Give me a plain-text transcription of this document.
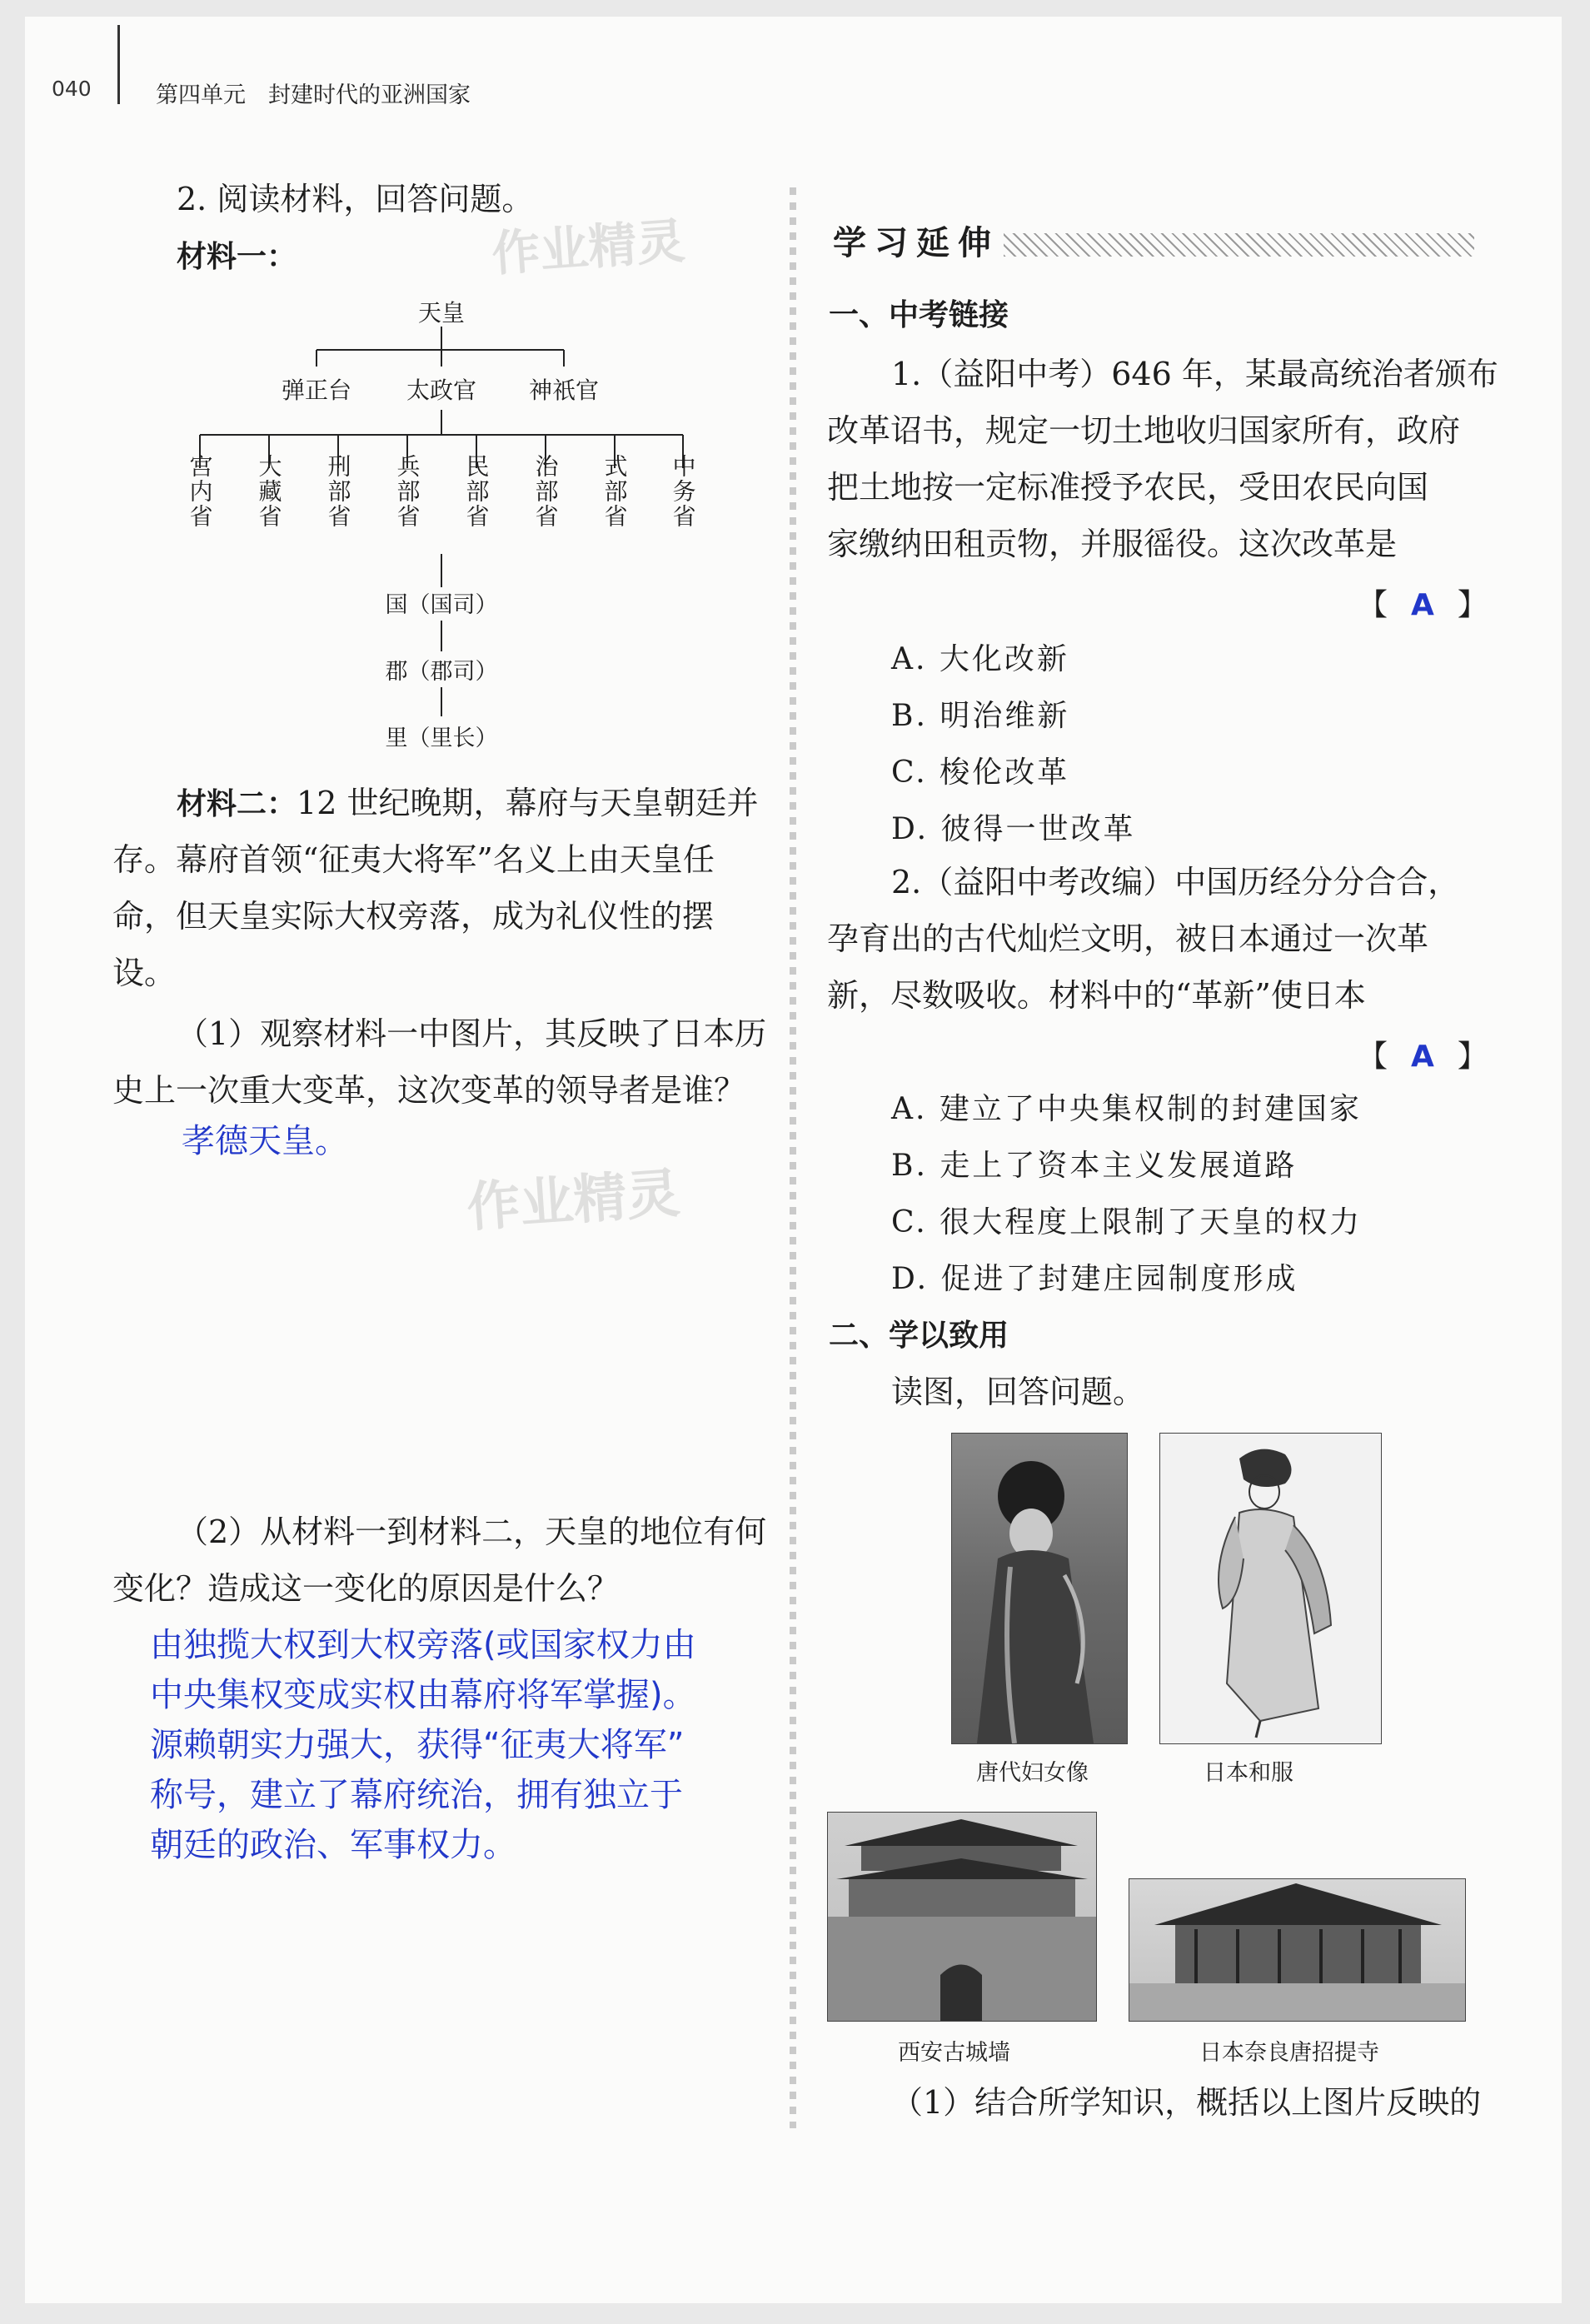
040	第四单元　封建时代的亚洲国家
作业精灵
作业精灵
2. 阅读材料，回答问题。
材料一：
天皇
弹正台 太政官 神祇官
宫内省 大藏省 刑部省 兵部省 民部省 治部省 式部省 中务省
国（国司）
郡（郡司）
里（里长）
材料二：12 世纪晚期，幕府与天皇朝廷并
存。幕府首领“征夷大将军”名义上由天皇任
命，但天皇实际大权旁落，成为礼仪性的摆
设。
（1）观察材料一中图片，其反映了日本历
史上一次重大变革，这次变革的领导者是谁？
孝德天皇。
（2）从材料一到材料二，天皇的地位有何
变化？造成这一变化的原因是什么？
由独揽大权到大权旁落(或国家权力由
中央集权变成实权由幕府将军掌握)。
源赖朝实力强大，获得“征夷大将军”
称号，建立了幕府统治，拥有独立于
朝廷的政治、军事权力。
学习延伸
一、中考链接
1.（益阳中考）646 年，某最高统治者颁布
改革诏书，规定一切土地收归国家所有，政府
把土地按一定标准授予农民，受田农民向国
家缴纳田租贡物，并服徭役。这次改革是
【 A 】
A. 大化改新
B. 明治维新
C. 梭伦改革
D. 彼得一世改革
2.（益阳中考改编）中国历经分分合合，
孕育出的古代灿烂文明，被日本通过一次革
新，尽数吸收。材料中的“革新”使日本
【 A 】
A. 建立了中央集权制的封建国家
B. 走上了资本主义发展道路
C. 很大程度上限制了天皇的权力
D. 促进了封建庄园制度形成
二、学以致用
读图，回答问题。
唐代妇女像	日本和服
西安古城墙	日本奈良唐招提寺
（1）结合所学知识，概括以上图片反映的
